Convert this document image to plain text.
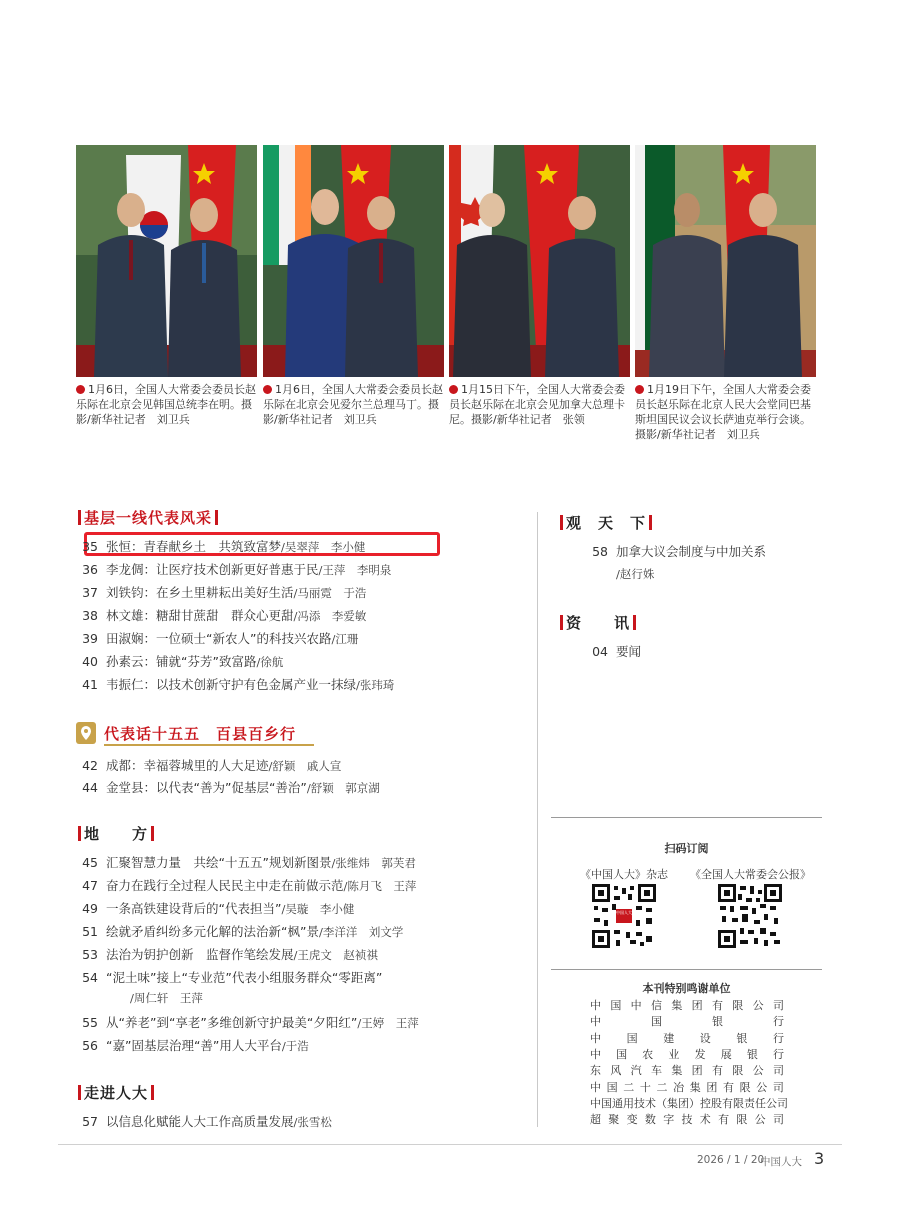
1月6日，全国人大常委会委员长赵乐际在北京会见韩国总统李在明。摄影/新华社记者　刘卫兵
1月6日，全国人大常委会委员长赵乐际在北京会见爱尔兰总理马丁。摄影/新华社记者　刘卫兵
1月15日下午，全国人大常委会委员长赵乐际在北京会见加拿大总理卡尼。摄影/新华社记者　张领
1月19日下午，全国人大常委会委员长赵乐际在北京人民大会堂同巴基斯坦国民议会议长萨迪克举行会谈。摄影/新华社记者　刘卫兵
基层一线代表风采
35 张恒：青春献乡土　共筑致富梦/吴翠萍　李小健
36 李龙倜：让医疗技术创新更好普惠于民/王萍　李明泉
37 刘铁钧：在乡土里耕耘出美好生活/马丽霓　于浩
38 林文雄：糖甜甘蔗甜　群众心更甜/冯添　李爱敏
39 田淑娴：一位硕士“新农人”的科技兴农路/江珊
40 孙素云：铺就“芬芳”致富路/徐航
41 韦振仁：以技术创新守护有色金属产业一抹绿/张玮琦
代表话十五五　百县百乡行
42 成都：幸福蓉城里的人大足迹/舒颖　戚人宣
44 金堂县：以代表“善为”促基层“善治”/舒颖　郭京湖
地　　方
45 汇聚智慧力量　共绘“十五五”规划新图景/张维炜　郭芙君
47 奋力在践行全过程人民民主中走在前做示范/陈月飞　王萍
49 一条高铁建设背后的“代表担当”/吴璇　李小健
51 绘就矛盾纠纷多元化解的法治新“枫”景/李洋洋　刘文学
53 法治为钥护创新　监督作笔绘发展/王虎文　赵祯祺
54 “泥土味”接上“专业范”代表小组服务群众“零距离”
/周仁轩　王萍
55 从“养老”到“享老”多维创新守护最美“夕阳红”/王婷　王萍
56 “嘉”固基层治理“善”用人大平台/于浩
走进人大
57 以信息化赋能人大工作高质量发展/张雪松
观　天　下
58 加拿大议会制度与中加关系
/赵行姝
资　　讯
04 要闻
扫码订阅
《中国人大》杂志 《全国人大常委会公报》
中国人大
本刊特别鸣谢单位
中 国 中 信 集 团 有 限 公 司
中	国	银	行
中 国 建 设 银 行
中 国 农 业 发 展 银 行
东 风 汽 车 集 团 有 限 公 司
中 国 二 十 二 冶 集 团 有 限 公 司
中 国 通 用 技 术 （ 集 团 ） 控 股 有 限 责 任 公 司
超 聚 变 数 字 技 术 有 限 公 司
2026 / 1 / 20
中国人大 3
